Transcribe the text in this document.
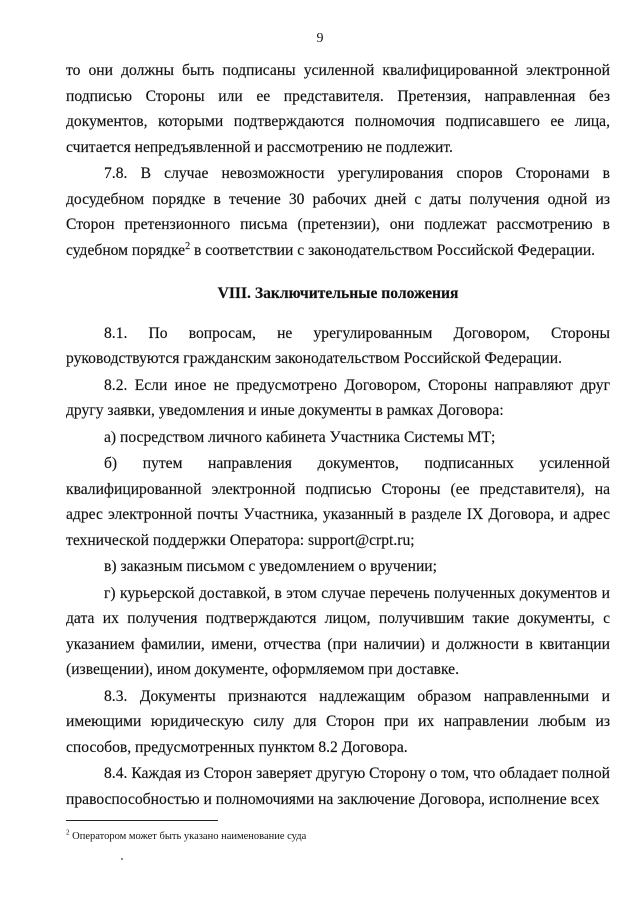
9

то они должны быть подписаны усиленной квалифицированной электронной подписью Стороны или ее представителя. Претензия, направленная без документов, которыми подтверждаются полномочия подписавшего ее лица, считается непредъявленной и рассмотрению не подлежит.

7.8. В случае невозможности урегулирования споров Сторонами в досудебном порядке в течение 30 рабочих дней с даты получения одной из Сторон претензионного письма (претензии), они подлежат рассмотрению в судебном порядке$^2$ в соответствии с законодательством Российской Федерации.

VIII. Заключительные положения

8.1. По вопросам, не урегулированным Договором, Стороны руководствуются гражданским законодательством Российской Федерации.

8.2. Если иное не предусмотрено Договором, Стороны направляют друг другу заявки, уведомления и иные документы в рамках Договора:

а) посредством личного кабинета Участника Системы МТ;

б) путем направления документов, подписанных усиленной квалифицированной электронной подписью Стороны (ее представителя), на адрес электронной почты Участника, указанный в разделе IX Договора, и адрес технической поддержки Оператора: support@crpt.ru;

в) заказным письмом с уведомлением о вручении;

г) курьерской доставкой, в этом случае перечень полученных документов и дата их получения подтверждаются лицом, получившим такие документы, с указанием фамилии, имени, отчества (при наличии) и должности в квитанции (извещении), ином документе, оформляемом при доставке.

8.3. Документы признаются надлежащим образом направленными и имеющими юридическую силу для Сторон при их направлении любым из способов, предусмотренных пунктом 8.2 Договора.

8.4. Каждая из Сторон заверяет другую Сторону о том, что обладает полной правоспособностью и полномочиями на заключение Договора, исполнение всех

$^2$ Оператором может быть указано наименование суда
